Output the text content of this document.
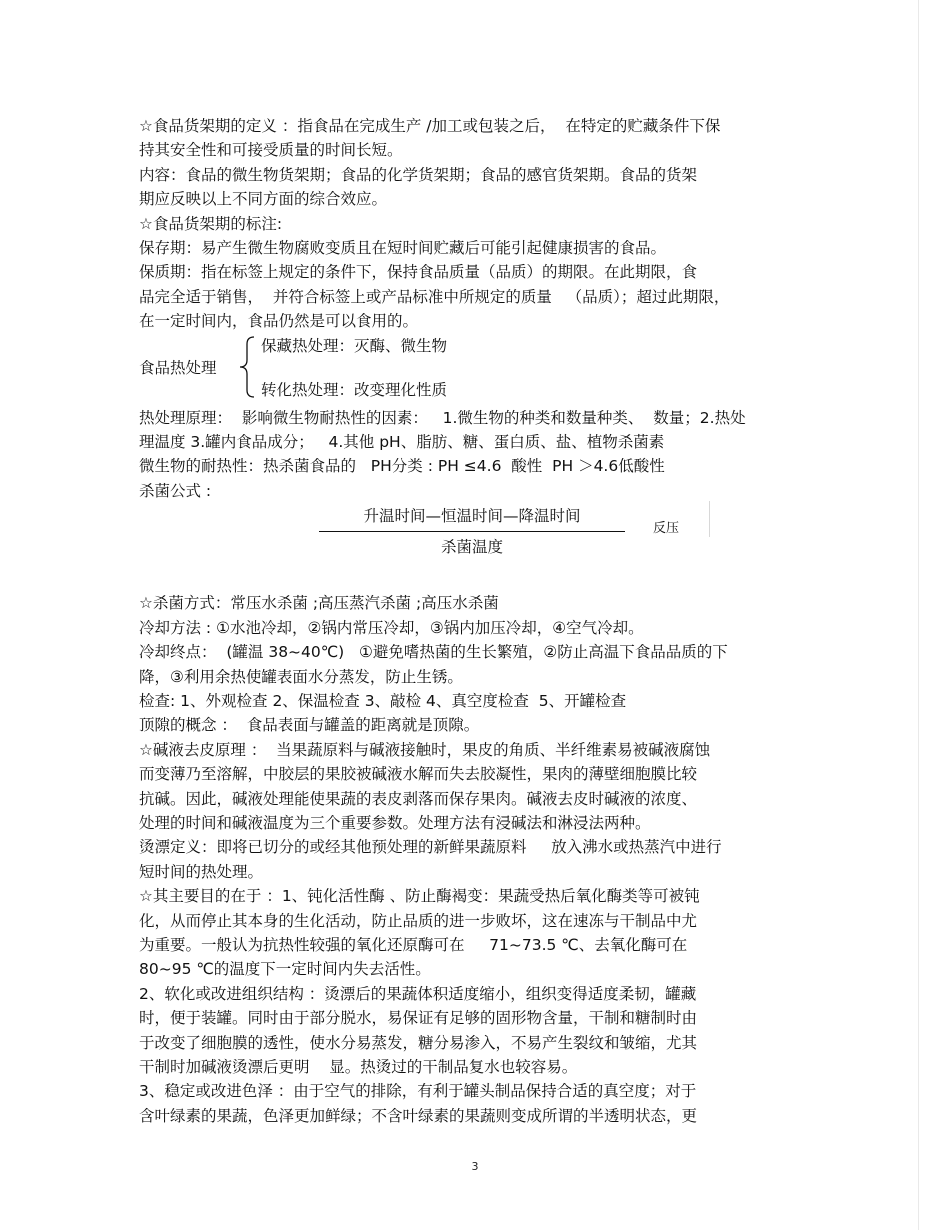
☆食品货架期的定义 ：指食品在完成生产 /加工或包装之后，  在特定的贮藏条件下保

持其安全性和可接受质量的时间长短。

内容：食品的微生物货架期；食品的化学货架期；食品的感官货架期。食品的货架

期应反映以上不同方面的综合效应。

☆食品货架期的标注:

保存期：易产生微生物腐败变质且在短时间贮藏后可能引起健康损害的食品。

保质期：指在标签上规定的条件下，保持食品质量（品质）的期限。在此期限，食

品完全适于销售，  并符合标签上或产品标准中所规定的质量   （品质）；超过此期限，

在一定时间内，食品仍然是可以食用的。

食品热处理
保藏热处理：灭酶、微生物
转化热处理：改变理化性质

热处理原理：  影响微生物耐热性的因素：   1.微生物的种类和数量种类、  数量；2.热处

理温度 3.罐内食品成分；   4.其他 pH、脂肪、糖、蛋白质、盐、植物杀菌素

微生物的耐热性：热杀菌食品的   PH分类 : PH ≤4.6  酸性  PH ＞4.6低酸性

杀菌公式 :

升温时间—恒温时间—降温时间
杀菌温度
反压

☆杀菌方式：常压水杀菌 ;高压蒸汽杀菌 ;高压水杀菌

冷却方法 : ①水池冷却，②锅内常压冷却，③锅内加压冷却，④空气冷却。

冷却终点：  (罐温 38~40℃)   ①避免嗜热菌的生长繁殖，②防止高温下食品品质的下

降，③利用余热使罐表面水分蒸发，防止生锈。

检查: 1、外观检查 2、保温检查 3、敲检 4、真空度检查  5、开罐检查

顶隙的概念 ：  食品表面与罐盖的距离就是顶隙。

☆碱液去皮原理 ：  当果蔬原料与碱液接触时，果皮的角质、半纤维素易被碱液腐蚀

而变薄乃至溶解，中胶层的果胶被碱液水解而失去胶凝性，果肉的薄壁细胞膜比较

抗碱。因此，碱液处理能使果蔬的表皮剥落而保存果肉。碱液去皮时碱液的浓度、

处理的时间和碱液温度为三个重要参数。处理方法有浸碱法和淋浸法两种。

烫漂定义：即将已切分的或经其他预处理的新鲜果蔬原料     放入沸水或热蒸汽中进行

短时间的热处理。

☆其主要目的在于 ：1、钝化活性酶 、防止酶褐变：果蔬受热后氧化酶类等可被钝

化，从而停止其本身的生化活动，防止品质的进一步败坏，这在速冻与干制品中尤

为重要。一般认为抗热性较强的氧化还原酶可在     71~73.5 ℃、去氧化酶可在

80~95 ℃的温度下一定时间内失去活性。

2、软化或改进组织结构 ：烫漂后的果蔬体积适度缩小，组织变得适度柔韧，罐藏

时，便于装罐。同时由于部分脱水，易保证有足够的固形物含量，干制和糖制时由

于改变了细胞膜的透性，使水分易蒸发，糖分易渗入，不易产生裂纹和皱缩，尤其

干制时加碱液烫漂后更明    显。热烫过的干制品复水也较容易。

3、稳定或改进色泽 ：由于空气的排除，有利于罐头制品保持合适的真空度；对于

含叶绿素的果蔬，色泽更加鲜绿；不含叶绿素的果蔬则变成所谓的半透明状态，更

3
